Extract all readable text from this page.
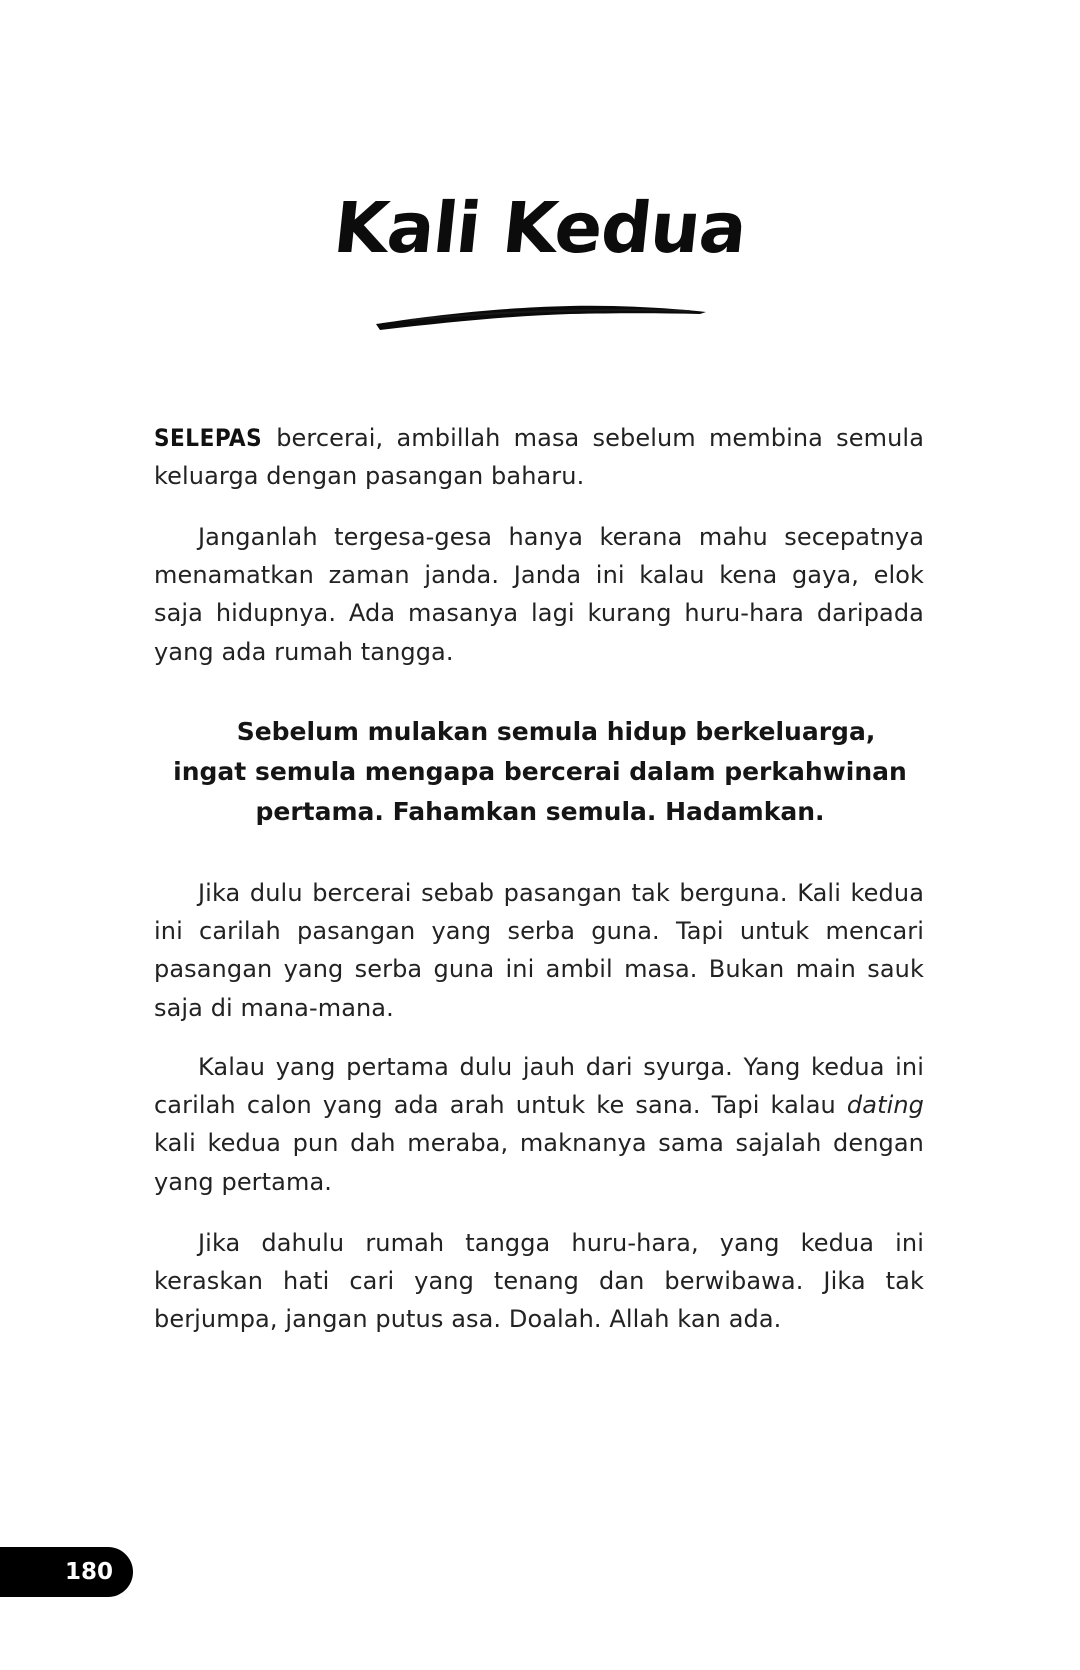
Kali Kedua

SELEPAS bercerai, ambillah masa sebelum membina semula keluarga dengan pasangan baharu.

Janganlah tergesa-gesa hanya kerana mahu secepatnya menamatkan zaman janda. Janda ini kalau kena gaya, elok saja hidupnya. Ada masanya lagi kurang huru-hara daripada yang ada rumah tangga.

Sebelum mulakan semula hidup berkeluarga,
ingat semula mengapa bercerai dalam perkahwinan
pertama. Fahamkan semula. Hadamkan.

Jika dulu bercerai sebab pasangan tak berguna. Kali kedua ini carilah pasangan yang serba guna. Tapi untuk mencari pasangan yang serba guna ini ambil masa. Bukan main sauk saja di mana-mana.

Kalau yang pertama dulu jauh dari syurga. Yang kedua ini carilah calon yang ada arah untuk ke sana. Tapi kalau dating kali kedua pun dah meraba, maknanya sama sajalah dengan yang pertama.

Jika dahulu rumah tangga huru-hara, yang kedua ini keraskan hati cari yang tenang dan berwibawa. Jika tak berjumpa, jangan putus asa. Doalah. Allah kan ada.

180
